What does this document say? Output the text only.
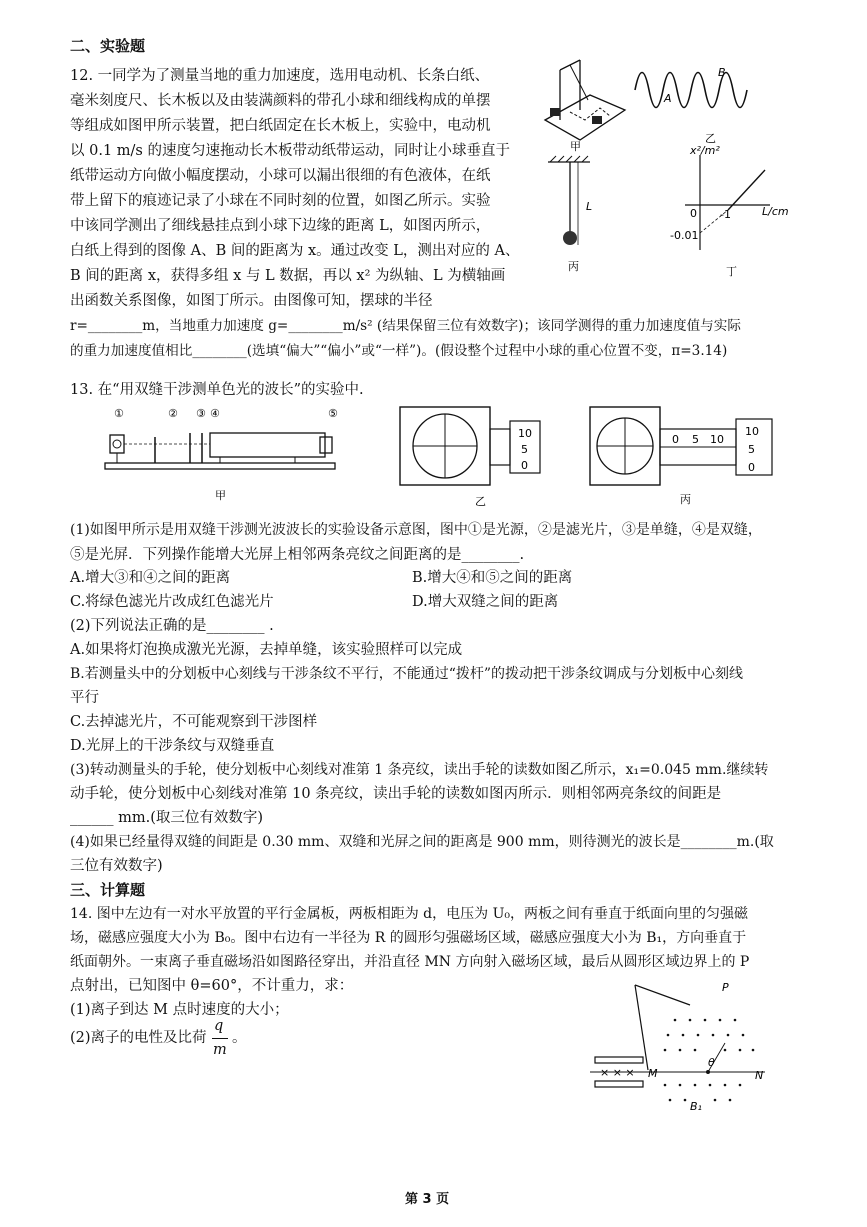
二、实验题
12. 一同学为了测量当地的重力加速度，选用电动机、长条白纸、
毫米刻度尺、长木板以及由装满颜料的带孔小球和细线构成的单摆
等组成如图甲所示装置，把白纸固定在长木板上，实验中，电动机
以 0.1 m/s 的速度匀速拖动长木板带动纸带运动，同时让小球垂直于
纸带运动方向做小幅度摆动，小球可以漏出很细的有色液体，在纸
带上留下的痕迹记录了小球在不同时刻的位置，如图乙所示。实验
中该同学测出了细线悬挂点到小球下边缘的距离 L，如图丙所示，
白纸上得到的图像 A、B 间的距离为 x。通过改变 L，测出对应的 A、
B 间的距离 x，获得多组 x 与 L 数据，再以 x² 为纵轴、L 为横轴画
出函数关系图像，如图丁所示。由图像可知，摆球的半径
r=________m，当地重力加速度 g=________m/s² (结果保留三位有效数字)；该同学测得的重力加速度值与实际
的重力加速度值相比________(选填“偏大”“偏小”或“一样”)。(假设整个过程中小球的重心位置不变，π=3.14)
甲
A
B
乙
L
丙
x²/m²
L/cm
0 -1
-0.01
丁
13. 在“用双缝干涉测单色光的波长”的实验中.
①	② ③ ④	⑤
甲
10
5
0
乙
0 5 10
10
5
0
丙
(1)如图甲所示是用双缝干涉测光波波长的实验设备示意图，图中①是光源，②是滤光片，③是单缝，④是双缝，
⑤是光屏．下列操作能增大光屏上相邻两条亮纹之间距离的是________.
A.增大③和④之间的距离	B.增大④和⑤之间的距离
C.将绿色滤光片改成红色滤光片	D.增大双缝之间的距离
(2)下列说法正确的是________ .
A.如果将灯泡换成激光光源，去掉单缝，该实验照样可以完成
B.若测量头中的分划板中心刻线与干涉条纹不平行，不能通过“拨杆”的拨动把干涉条纹调成与分划板中心刻线
平行
C.去掉滤光片，不可能观察到干涉图样
D.光屏上的干涉条纹与双缝垂直
(3)转动测量头的手轮，使分划板中心刻线对准第 1 条亮纹，读出手轮的读数如图乙所示，x₁=0.045 mm.继续转
动手轮，使分划板中心刻线对准第 10 条亮纹，读出手轮的读数如图丙所示．则相邻两亮条纹的间距是
______ mm.(取三位有效数字)
(4)如果已经量得双缝的间距是 0.30 mm、双缝和光屏之间的距离是 900 mm，则待测光的波长是________m.(取
三位有效数字)
三、计算题
14. 图中左边有一对水平放置的平行金属板，两板相距为 d，电压为 U₀，两板之间有垂直于纸面向里的匀强磁
场，磁感应强度大小为 B₀。图中右边有一半径为 R 的圆形匀强磁场区域，磁感应强度大小为 B₁，方向垂直于
纸面朝外。一束离子垂直磁场沿如图路径穿出，并沿直径 MN 方向射入磁场区域，最后从圆形区域边界上的 P
点射出，已知图中 θ=60°，不计重力，求：
(1)离子到达 M 点时速度的大小；
(2)离子的电性及比荷
q
m
。
× × ×
P
M	N
θ
B₁
第 3 页
